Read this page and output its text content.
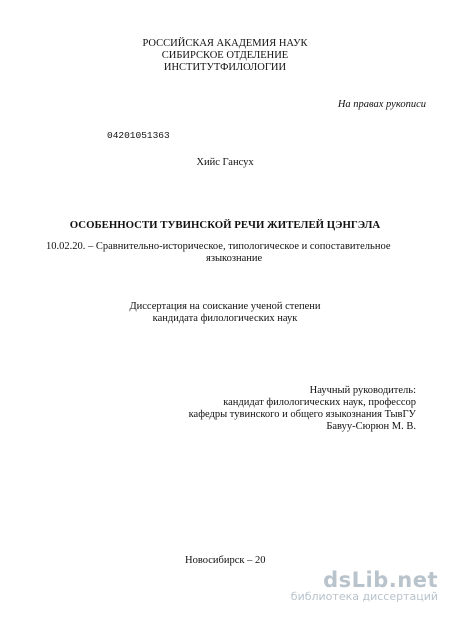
РОССИЙСКАЯ АКАДЕМИЯ НАУК
СИБИРСКОЕ ОТДЕЛЕНИЕ
ИНСТИТУТФИЛОЛОГИИ
На правах рукописи
04201051363
Хийс Гансух
ОСОБЕННОСТИ ТУВИНСКОЙ РЕЧИ ЖИТЕЛЕЙ ЦЭНГЭЛА
10.02.20. – Сравнительно-историческое, типологическое и сопоставительное
языкознание
Диссертация на соискание ученой степени
кандидата филологических наук
Научный руководитель:
кандидат филологических наук, профессор
кафедры тувинского и общего языкознания ТывГУ
Бавуу-Сюрюн М. В.
Новосибирск – 20
dsLib.net
библиотека диссертаций
